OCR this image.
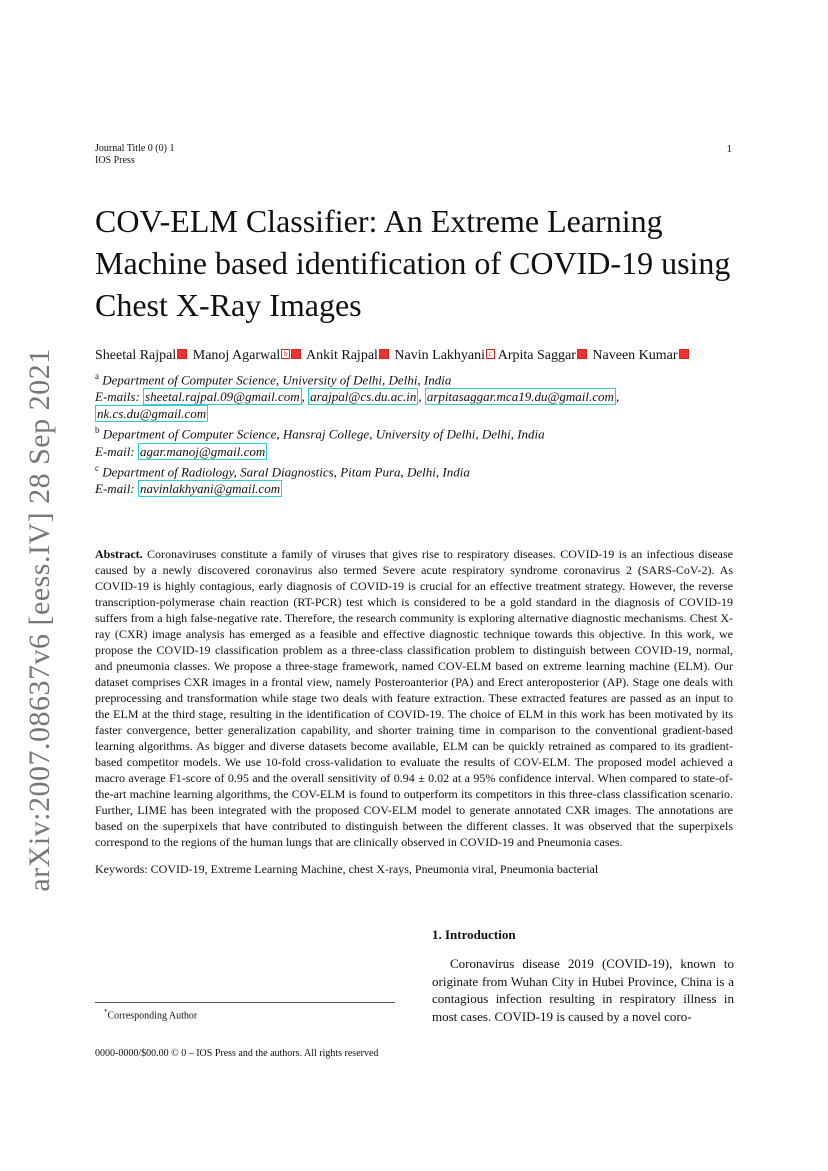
Journal Title 0 (0) 1
IOS Press
1
COV-ELM Classifier: An Extreme Learning Machine based identification of COVID-19 using Chest X-Ray Images
Sheetal Rajpal Manoj Agarwal b Ankit Rajpal Navin Lakhyani c Arpita Saggar Naveen Kumar
$^a$ Department of Computer Science, University of Delhi, Delhi, India
E-mails: sheetal.rajpal.09@gmail.com , arajpal@cs.du.ac.in , arpitasaggar.mca19.du@gmail.com ,
nk.cs.du@gmail.com
$^b$ Department of Computer Science, Hansraj College, University of Delhi, Delhi, India
E-mail: agar.manoj@gmail.com
$^c$ Department of Radiology, Saral Diagnostics, Pitam Pura, Delhi, India
E-mail: navinlakhyani@gmail.com
arXiv:2007.08637v6 [eess.IV] 28 Sep 2021	Abstract. Coronaviruses constitute a family of viruses that gives rise to respiratory diseases. COVID-19 is an infectious disease caused by a newly discovered coronavirus also termed Severe acute respiratory syndrome coronavirus 2 (SARS-CoV-2). As COVID-19 is highly contagious, early diagnosis of COVID-19 is crucial for an effective treatment strategy. However, the reverse transcription-polymerase chain reaction (RT-PCR) test which is considered to be a gold standard in the diagnosis of COVID-19 suffers from a high false-negative rate. Therefore, the research community is exploring alternative diagnostic mechanisms. Chest X-ray (CXR) image analysis has emerged as a feasible and effective diagnostic technique towards this objective. In this work, we propose the COVID-19 classification problem as a three-class classification problem to distinguish between COVID-19, normal, and pneumonia classes. We propose a three-stage framework, named COV-ELM based on extreme learning machine (ELM). Our dataset comprises CXR images in a frontal view, namely Posteroanterior (PA) and Erect anteroposterior (AP). Stage one deals with preprocessing and transformation while stage two deals with feature extraction. These extracted features are passed as an input to the ELM at the third stage, resulting in the identification of COVID-19. The choice of ELM in this work has been motivated by its faster convergence, better generalization capability, and shorter training time in comparison to the conventional gradient-based learning algorithms. As bigger and diverse datasets become available, ELM can be quickly retrained as compared to its gradient-based competitor models. We use 10-fold cross-validation to evaluate the results of COV-ELM. The proposed model achieved a macro average F1-score of 0.95 and the overall sensitivity of 0.94 ± 0.02 at a 95% confidence interval. When compared to state-of-the-art machine learning algorithms, the COV-ELM is found to outperform its competitors in this three-class classification scenario. Further, LIME has been integrated with the proposed COV-ELM model to generate annotated CXR images. The annotations are based on the superpixels that have contributed to distinguish between the different classes. It was observed that the superpixels correspond to the regions of the human lungs that are clinically observed in COVID-19 and Pneumonia cases.
Keywords: COVID-19, Extreme Learning Machine, chest X-rays, Pneumonia viral, Pneumonia bacterial
1. Introduction
Coronavirus disease 2019 (COVID-19), known to originate from Wuhan City in Hubei Province, China is a contagious infection resulting in respiratory illness in most cases. COVID-19 is caused by a novel coro-
*Corresponding Author
0000-0000/$00.00 © 0 – IOS Press and the authors. All rights reserved
